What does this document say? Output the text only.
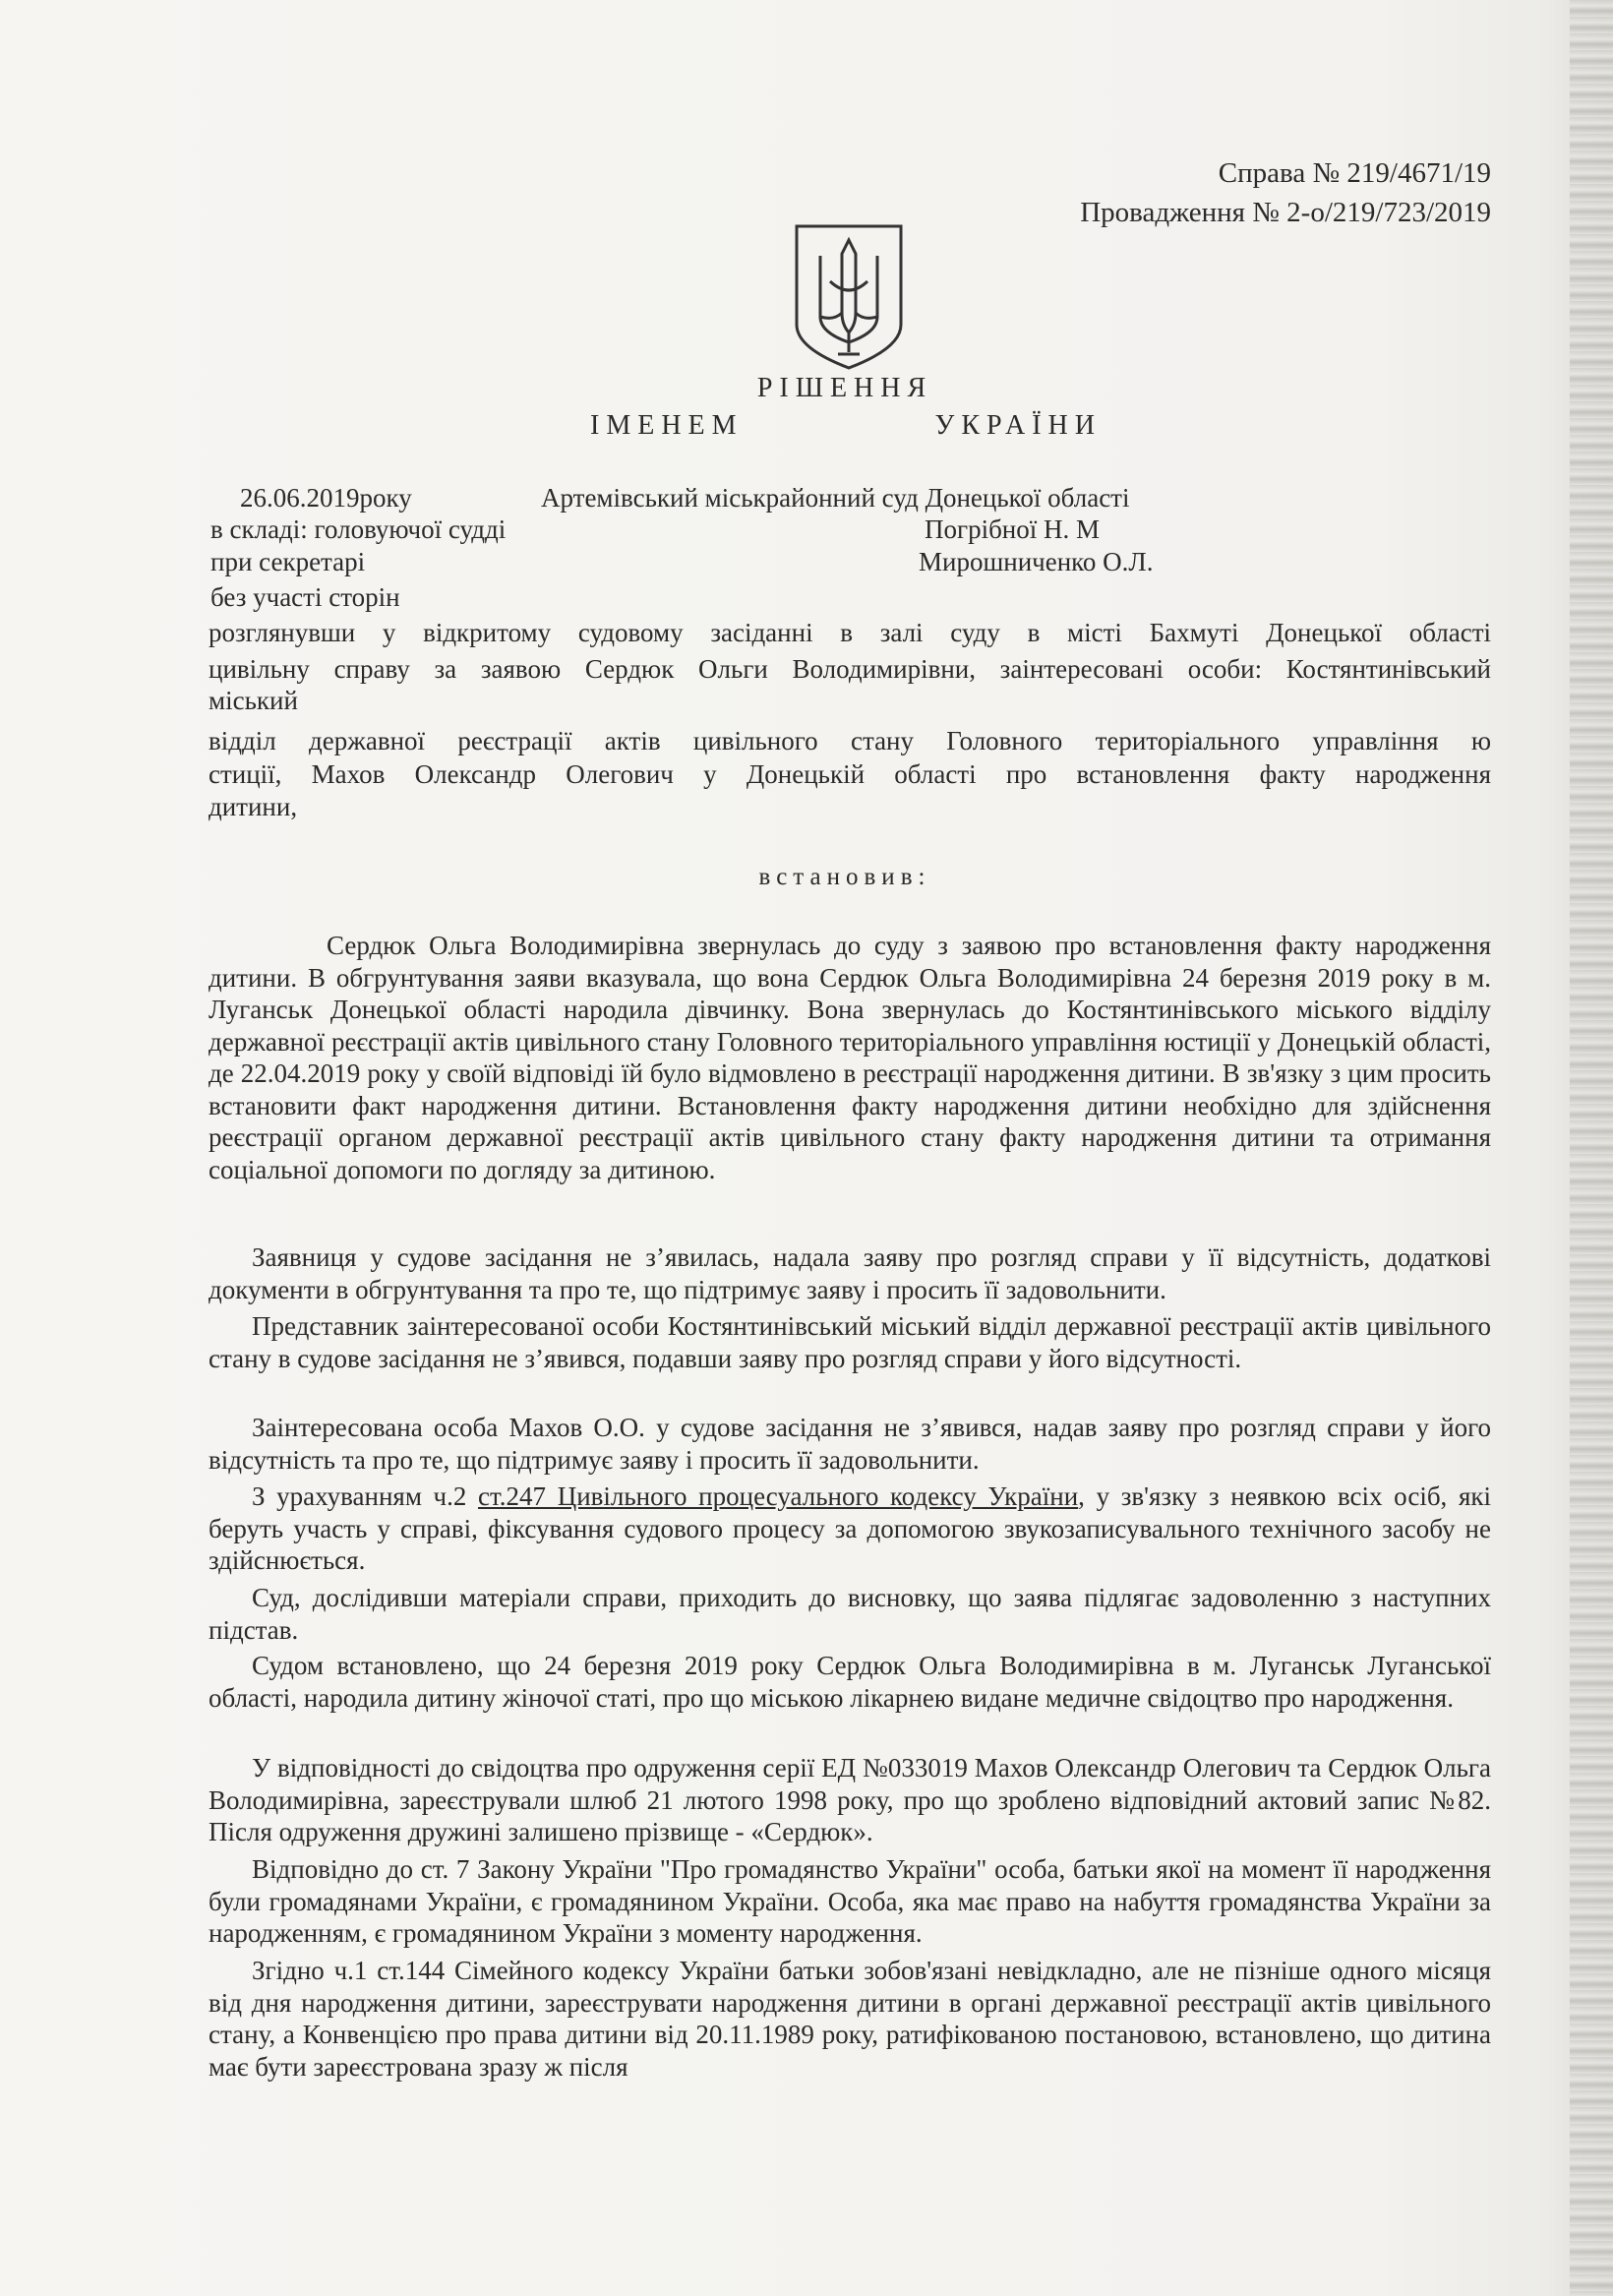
Справа № 219/4671/19
Провадження № 2-о/219/723/2019
РІШЕННЯ
ІМЕНЕМ	УКРАЇНИ
26.06.2019року	Артемівський міськрайонний суд Донецької області
в складі: головуючої судді	Погрібної Н. М
при секретарі	Мирошниченко О.Л.
без участі сторін
розглянувши у відкритому судовому засіданні в залі суду в місті Бахмуті Донецької області
цивільну справу за заявою Сердюк Ольги Володимирівни, заінтересовані особи: Костянтинівський
міський
відділ державної реєстрації актів цивільного стану Головного територіального управління ю
стиції, Махов Олександр Олегович у Донецькій області про встановлення факту народження
дитини,
встановив:
Сердюк Ольга Володимирівна звернулась до суду з заявою про встановлення факту народження дитини. В обгрунтування заяви вказувала, що вона Сердюк Ольга Володимирівна 24 березня 2019 року в м. Луганськ Донецької області народила дівчинку. Вона звернулась до Костянтинівського міського відділу державної реєстрації актів цивільного стану Головного територіального управління юстиції у Донецькій області, де 22.04.2019 року у своїй відповіді їй було відмовлено в реєстрації народження дитини. В зв'язку з цим просить встановити факт народження дитини. Встановлення факту народження дитини необхідно для здійснення реєстрації органом державної реєстрації актів цивільного стану факту народження дитини та отримання соціальної допомоги по догляду за дитиною.
Заявниця у судове засідання не з’явилась, надала заяву про розгляд справи у її відсутність, додаткові документи в обгрунтування та про те, що підтримує заяву і просить її задовольнити.
Представник заінтересованої особи Костянтинівський міський відділ державної реєстрації актів цивільного стану в судове засідання не з’явився, подавши заяву про розгляд справи у його відсутності.
Заінтересована особа Махов О.О. у судове засідання не з’явився, надав заяву про розгляд справи у його відсутність та про те, що підтримує заяву і просить її задовольнити.
З урахуванням ч.2 ст.247 Цивільного процесуального кодексу України, у зв'язку з неявкою всіх осіб, які беруть участь у справі, фіксування судового процесу за допомогою звукозаписувального технічного засобу не здійснюється.
Суд, дослідивши матеріали справи, приходить до висновку, що заява підлягає задоволенню з наступних підстав.
Судом встановлено, що 24 березня 2019 року Сердюк Ольга Володимирівна в м. Луганськ Луганської області, народила дитину жіночої статі, про що міською лікарнею видане медичне свідоцтво про народження.
У відповідності до свідоцтва про одруження серії ЕД №033019 Махов Олександр Олегович та Сердюк Ольга Володимирівна, зареєстрували шлюб 21 лютого 1998 року, про що зроблено відповідний актовий запис №82. Після одруження дружині залишено прізвище - «Сердюк».
Відповідно до ст. 7 Закону України "Про громадянство України" особа, батьки якої на момент її народження були громадянами України, є громадянином України. Особа, яка має право на набуття громадянства України за народженням, є громадянином України з моменту народження.
Згідно ч.1 ст.144 Сімейного кодексу України батьки зобов'язані невідкладно, але не пізніше одного місяця від дня народження дитини, зареєструвати народження дитини в органі державної реєстрації актів цивільного стану, а Конвенцією про права дитини від 20.11.1989 року, ратифікованою постановою, встановлено, що дитина має бути зареєстрована зразу ж після
